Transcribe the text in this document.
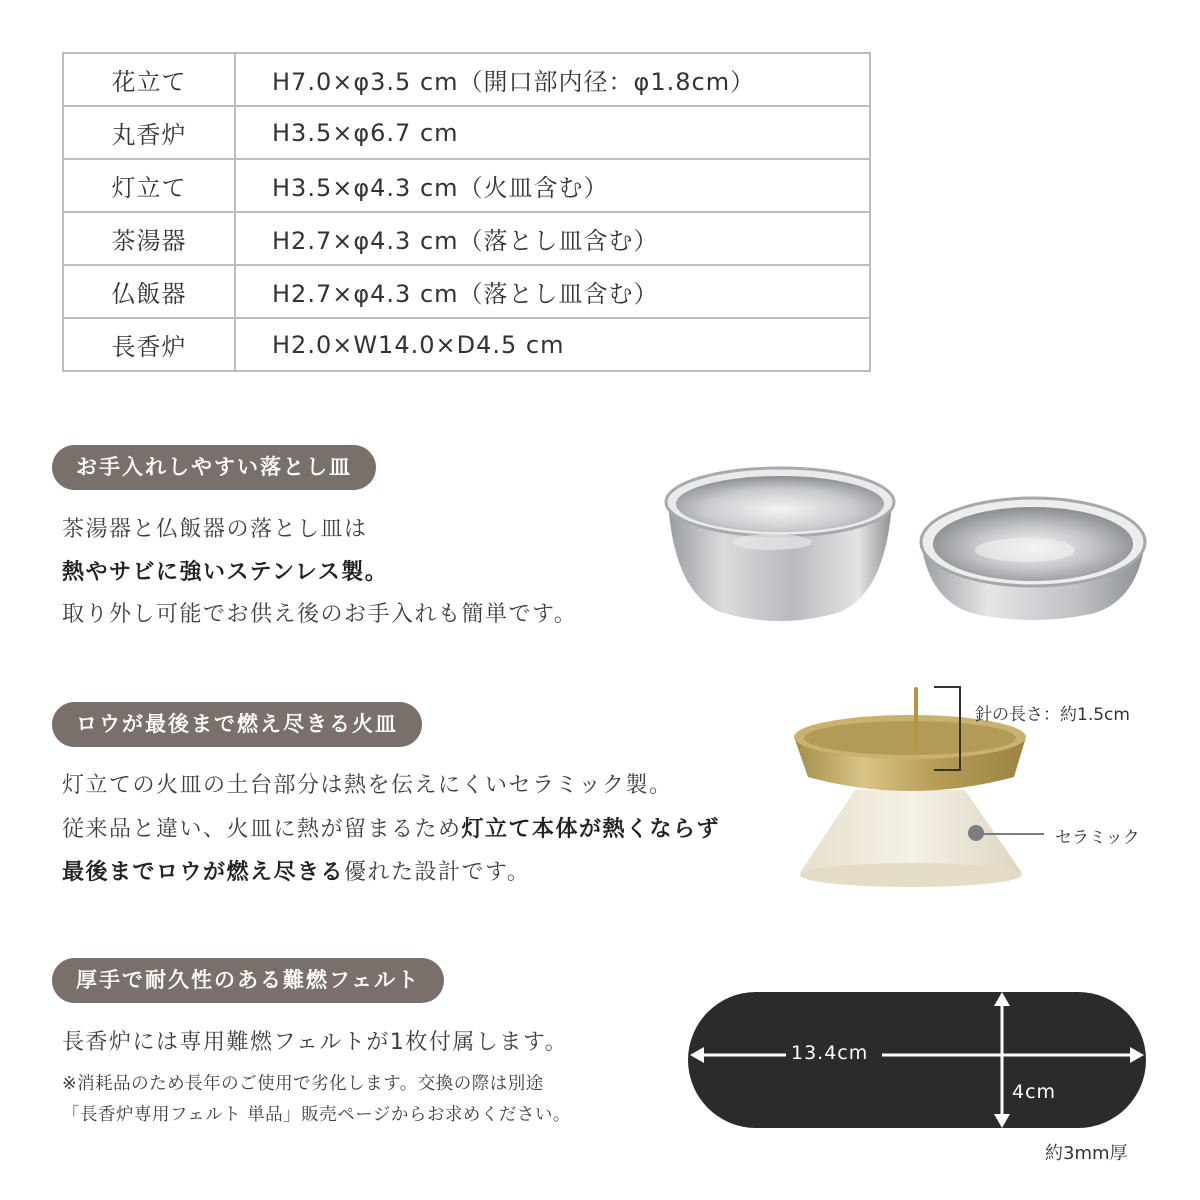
花立て	H7.0×φ3.5 cm（開口部内径：φ1.8cm）
丸香炉	H3.5×φ6.7 cm
灯立て	H3.5×φ4.3 cm（火皿含む）
茶湯器	H2.7×φ4.3 cm（落とし皿含む）
仏飯器	H2.7×φ4.3 cm（落とし皿含む）
長香炉	H2.0×W14.0×D4.5 cm
お手入れしやすい落とし皿
茶湯器と仏飯器の落とし皿は
熱やサビに強いステンレス製。
取り外し可能でお供え後のお手入れも簡単です。
ロウが最後まで燃え尽きる火皿
灯立ての火皿の土台部分は熱を伝えにくいセラミック製。
従来品と違い、火皿に熱が留まるため灯立て本体が熱くならず
最後までロウが燃え尽きる優れた設計です。
針の長さ：約1.5cm
セラミック
厚手で耐久性のある難燃フェルト
長香炉には専用難燃フェルトが1枚付属します。
※消耗品のため長年のご使用で劣化します。交換の際は別途
「長香炉専用フェルト 単品」販売ページからお求めください。
13.4cm
4cm
約3mm厚
